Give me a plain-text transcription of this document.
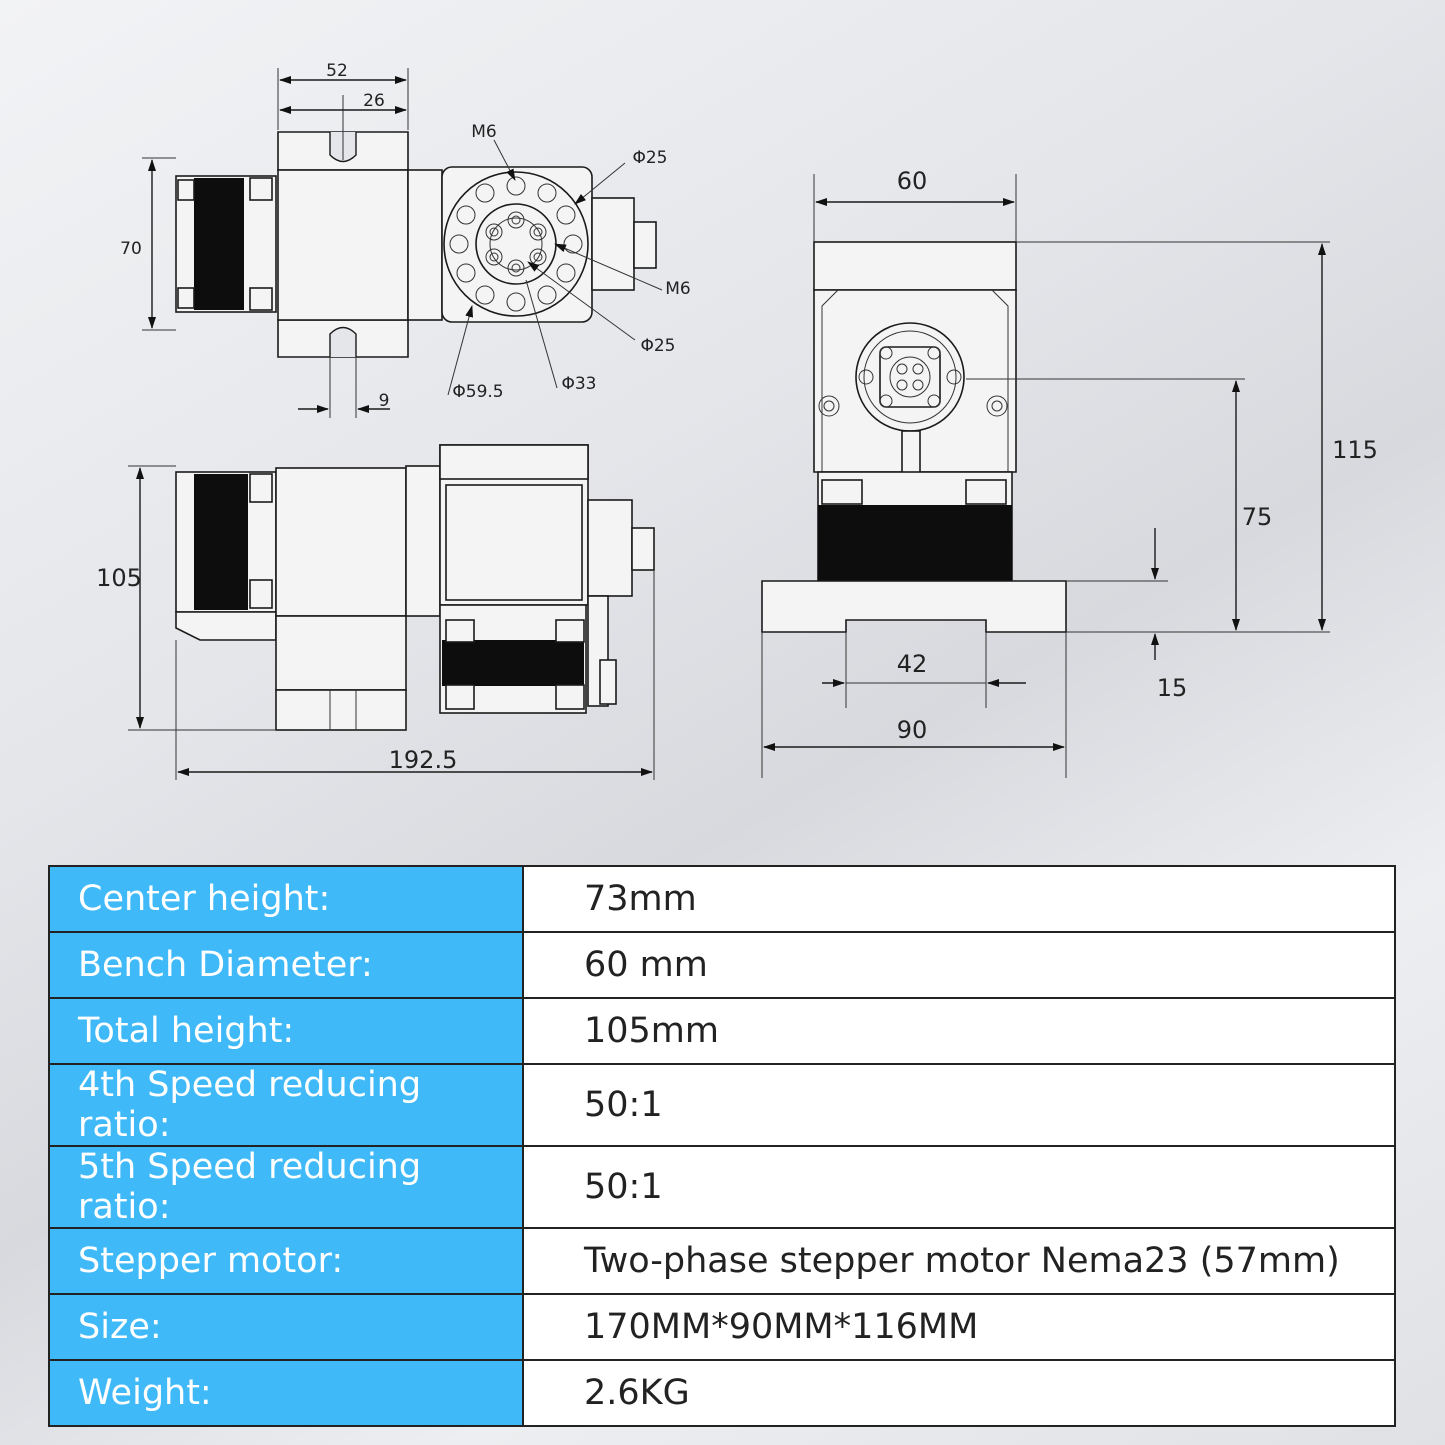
52
26
70
9
M6
Φ25
M6
Φ25
Φ59.5	Φ33
105
192.5
60
115
75
15
42
90
Center height:	73mm
Bench Diameter:	60 mm
Total height:	105mm
4th Speed reducing ratio:	50:1
5th Speed reducing ratio:	50:1
Stepper motor:	Two-phase stepper motor Nema23 (57mm)
Size:	170MM*90MM*116MM
Weight:	2.6KG
